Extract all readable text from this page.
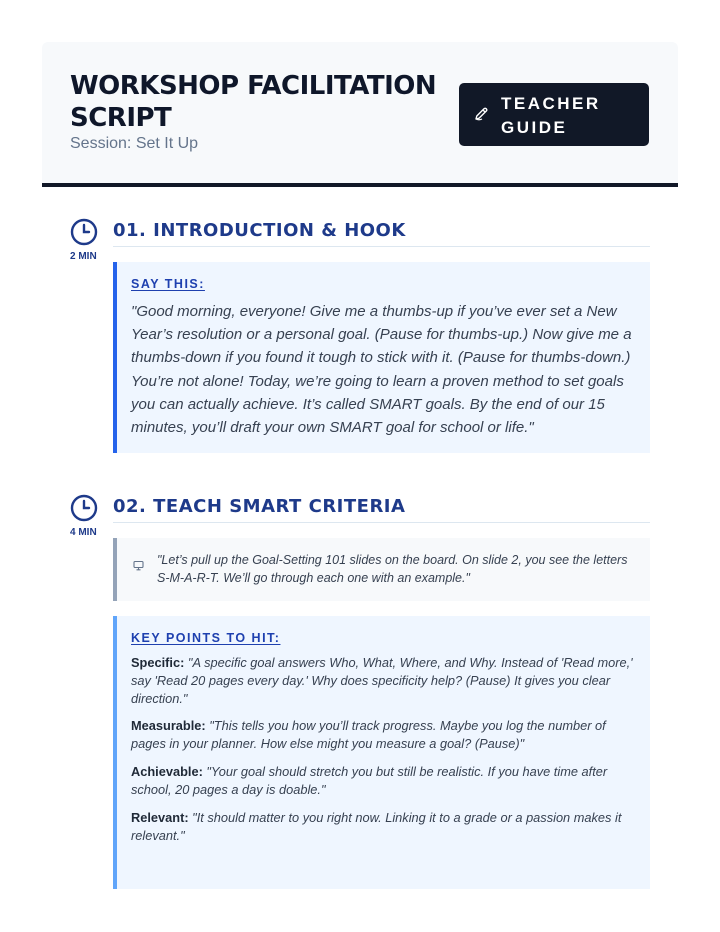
WORKSHOP FACILITATION SCRIPT
Session: Set It Up
TEACHER GUIDE
2 MIN
01. INTRODUCTION & HOOK
SAY THIS:

"Good morning, everyone! Give me a thumbs-up if you’ve ever set a New Year’s resolution or a personal goal. (Pause for thumbs-up.) Now give me a thumbs-down if you found it tough to stick with it. (Pause for thumbs-down.) You’re not alone! Today, we’re going to learn a proven method to set goals you can actually achieve. It’s called SMART goals. By the end of our 15 minutes, you’ll draft your own SMART goal for school or life."

4 MIN
02. TEACH SMART CRITERIA

"Let’s pull up the Goal-Setting 101 slides on the board. On slide 2, you see the letters S-M-A-R-T. We’ll go through each one with an example."

KEY POINTS TO HIT:

Specific: "A specific goal answers Who, What, Where, and Why. Instead of 'Read more,' say 'Read 20 pages every day.' Why does specificity help? (Pause) It gives you clear direction."

Measurable: "This tells you how you’ll track progress. Maybe you log the number of pages in your planner. How else might you measure a goal? (Pause)"

Achievable: "Your goal should stretch you but still be realistic. If you have time after school, 20 pages a day is doable."

Relevant: "It should matter to you right now. Linking it to a grade or a passion makes it relevant."
